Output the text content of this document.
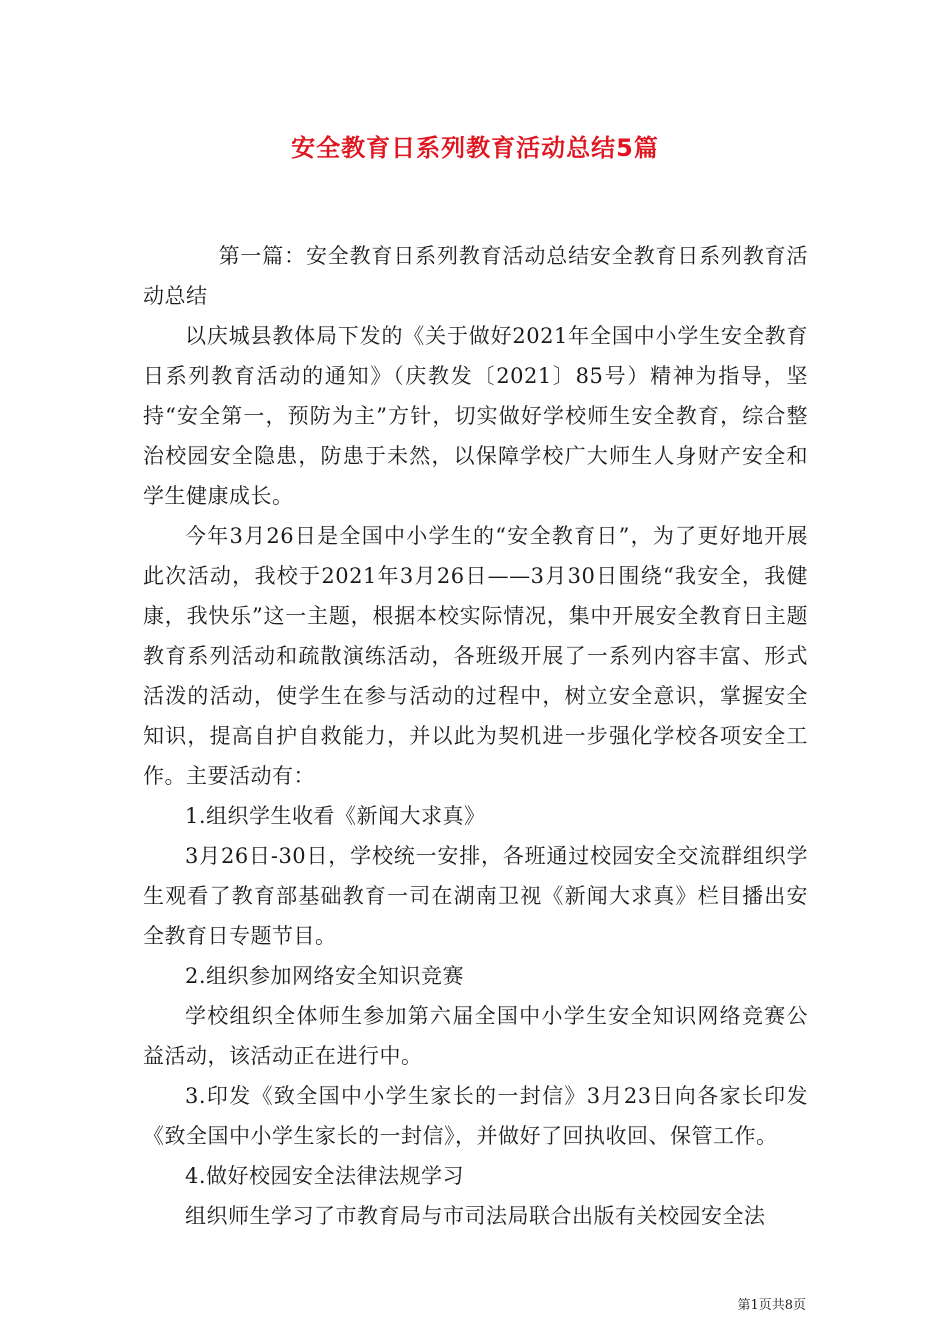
安全教育日系列教育活动总结5篇

第一篇：安全教育日系列教育活动总结安全教育日系列教育活动总结

以庆城县教体局下发的《关于做好2021年全国中小学生安全教育日系列教育活动的通知》（庆教发〔2021〕85号）精神为指导，坚持“安全第一，预防为主”方针，切实做好学校师生安全教育，综合整治校园安全隐患，防患于未然，以保障学校广大师生人身财产安全和学生健康成长。

今年3月26日是全国中小学生的“安全教育日”，为了更好地开展此次活动，我校于2021年3月26日——3月30日围绕“我安全，我健康，我快乐”这一主题，根据本校实际情况，集中开展安全教育日主题教育系列活动和疏散演练活动，各班级开展了一系列内容丰富、形式活泼的活动，使学生在参与活动的过程中，树立安全意识，掌握安全知识，提高自护自救能力，并以此为契机进一步强化学校各项安全工作。主要活动有：

1.组织学生收看《新闻大求真》

3月26日-30日，学校统一安排，各班通过校园安全交流群组织学生观看了教育部基础教育一司在湖南卫视《新闻大求真》栏目播出安全教育日专题节目。

2.组织参加网络安全知识竞赛

学校组织全体师生参加第六届全国中小学生安全知识网络竞赛公益活动，该活动正在进行中。

3.印发《致全国中小学生家长的一封信》3月23日向各家长印发《致全国中小学生家长的一封信》，并做好了回执收回、保管工作。

4.做好校园安全法律法规学习

组织师生学习了市教育局与市司法局联合出版有关校园安全法

第1页共8页
